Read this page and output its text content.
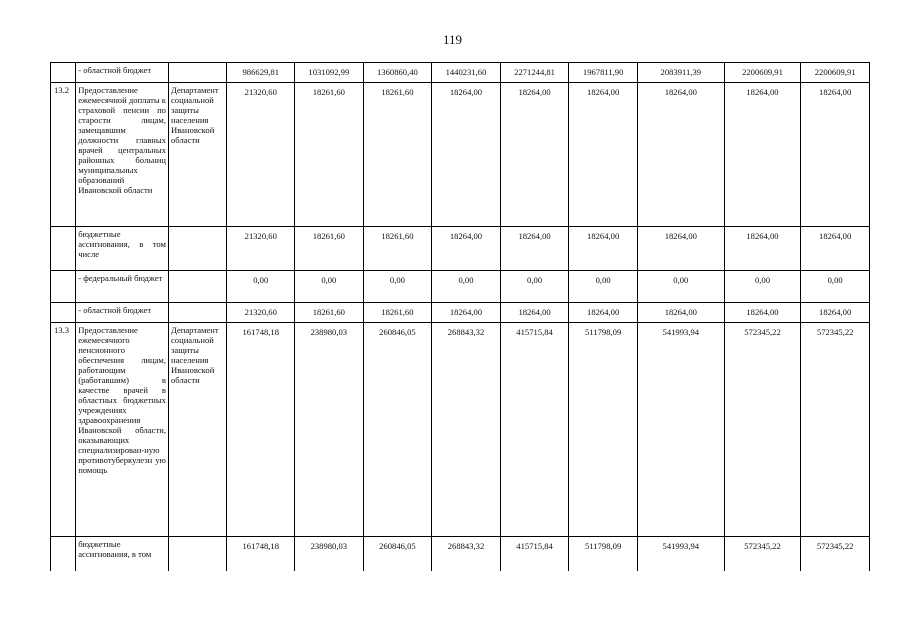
119
	- областной бюджет		986629,81	1031092,99	1360860,40	1440231,60	2271244,81	1967811,90	2083911,39	2200609,91	2200609,91
13.2	Предоставление ежемесячной доплаты к страховой пенсии по старости лицам, замещавшим должности главных врачей центральных районных больниц муниципальных образований Ивановской области	Департамент социальной защиты населения Ивановской области	21320,60	18261,60	18261,60	18264,00	18264,00	18264,00	18264,00	18264,00	18264,00
	бюджетные ассигнования, в том числе		21320,60	18261,60	18261,60	18264,00	18264,00	18264,00	18264,00	18264,00	18264,00
	- федеральный бюджет		0,00	0,00	0,00	0,00	0,00	0,00	0,00	0,00	0,00
	- областной бюджет		21320,60	18261,60	18261,60	18264,00	18264,00	18264,00	18264,00	18264,00	18264,00
13.3	Предоставление ежемесячного пенсионного обеспечения лицам, работающим (работавшим) в качестве врачей в областных бюджетных учреждениях здравоохранения Ивановской области, оказывающих специализирован-ную противотуберкулезн ую помощь	Департамент социальной защиты населения Ивановской области	161748,18	238980,03	260846,05	268843,32	415715,84	511798,09	541993,94	572345,22	572345,22
	бюджетные ассигнования, в том		161748,18	238980,03	260846,05	268843,32	415715,84	511798,09	541993,94	572345,22	572345,22
